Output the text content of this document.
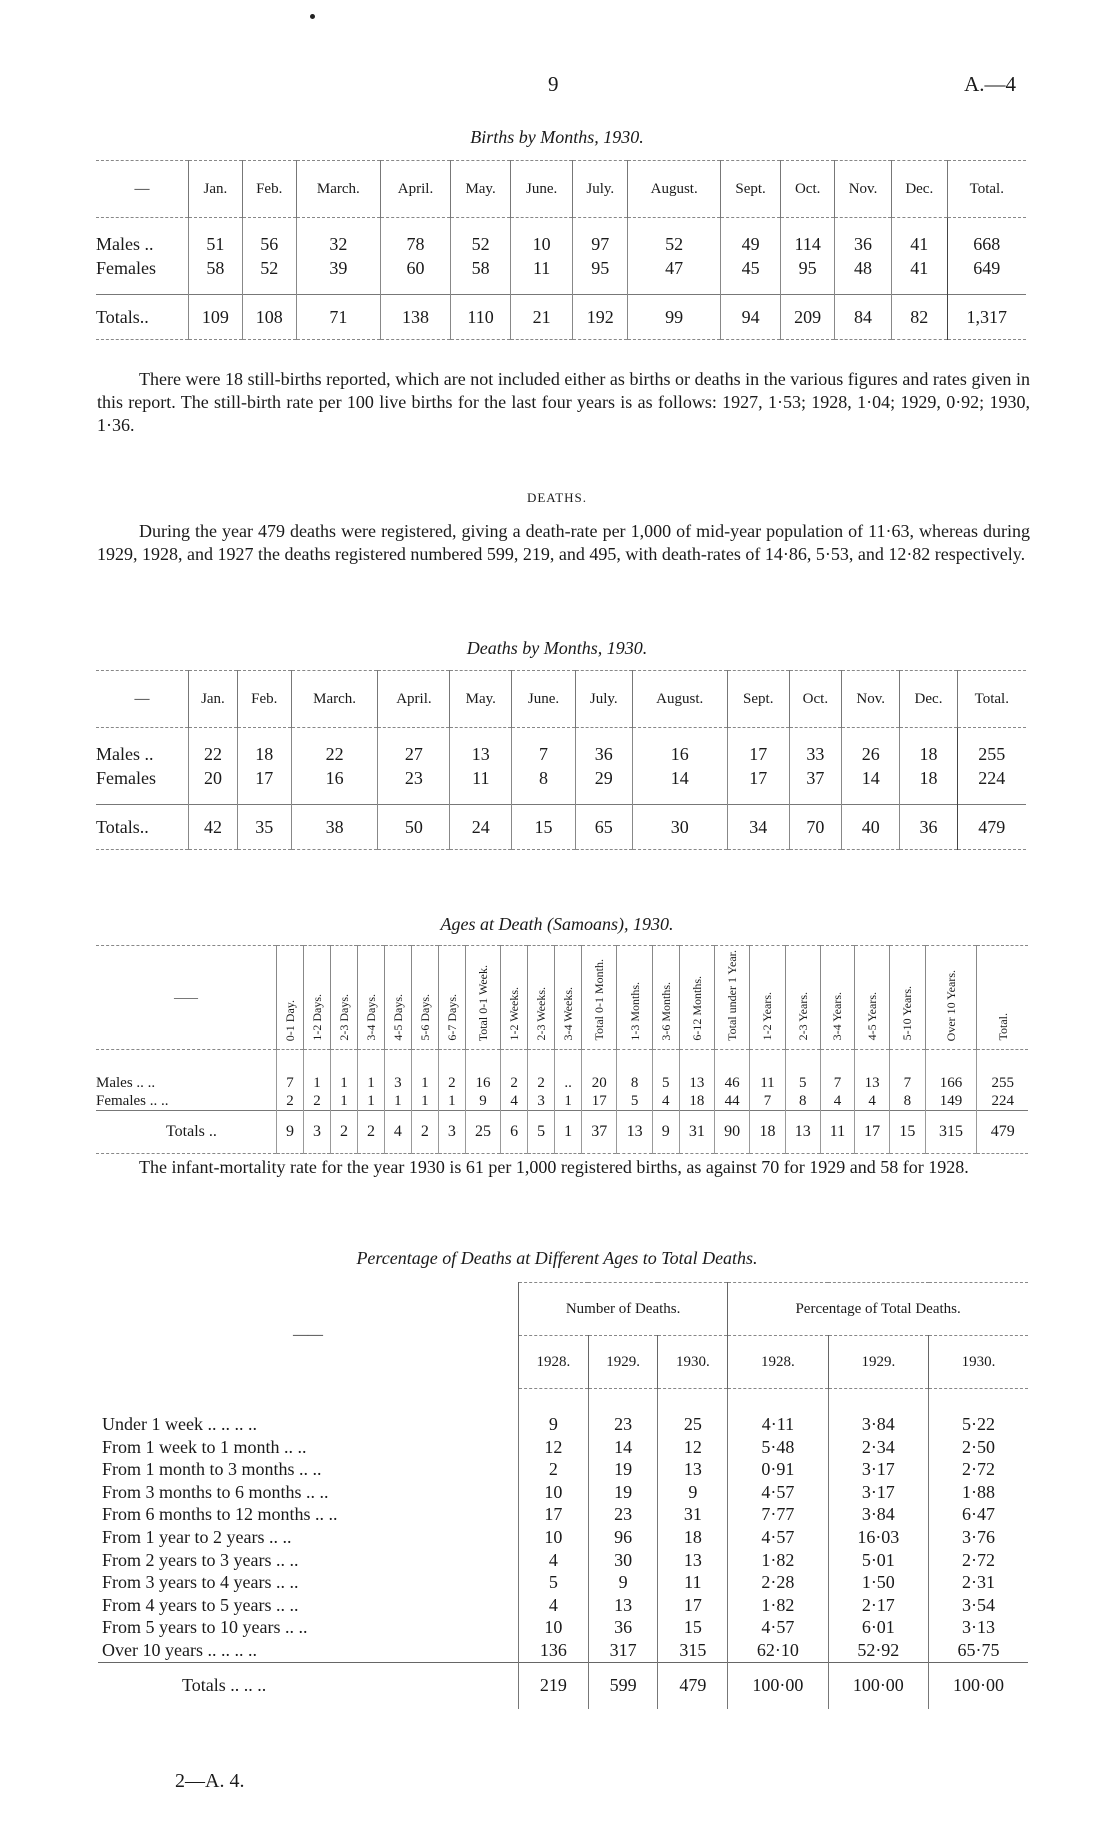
9	A.—4
Births by Months, 1930.
—	Jan.	Feb.	March.	April.	May.	June.	July.	August.	Sept.	Oct.	Nov.	Dec.	Total.

Males ..	51	56	32	78	52	10	97	52	49	114	36	41	668
Females	58	52	39	60	58	11	95	47	45	95	48	41	649

Totals..	109	108	71	138	110	21	192	99	94	209	84	82	1,317

There were 18 still-births reported, which are not included either as births or deaths in the various figures and rates given in this report. The still-birth rate per 100 live births for the last four years is as follows: 1927, 1·53; 1928, 1·04; 1929, 0·92; 1930, 1·36.

DEATHS.

During the year 479 deaths were registered, giving a death-rate per 1,000 of mid-year population of 11·63, whereas during 1929, 1928, and 1927 the deaths registered numbered 599, 219, and 495, with death-rates of 14·86, 5·53, and 12·82 respectively.

Deaths by Months, 1930.
—	Jan.	Feb.	March.	April.	May.	June.	July.	August.	Sept.	Oct.	Nov.	Dec.	Total.

Males ..	22	18	22	27	13	7	36	16	17	33	26	18	255
Females	20	17	16	23	11	8	29	14	17	37	14	18	224

Totals..	42	35	38	50	24	15	65	30	34	70	40	36	479
Ages at Death (Samoans), 1930.
——	0-1 Day.	1-2 Days.	2-3 Days.	3-4 Days.	4-5 Days.	5-6 Days.	6-7 Days.	Total 0-1 Week.	1-2 Weeks.	2-3 Weeks.	3-4 Weeks.	Total 0-1 Month.	1-3 Months.	3-6 Months.	6-12 Months.	Total under 1 Year.	1-2 Years.	2-3 Years.	3-4 Years.	4-5 Years.	5-10 Years.	Over 10 Years.	Total.

Males .. ..	7	1	1	1	3	1	2	16	2	2	..	20	8	5	13	46	11	5	7	13	7	166	255
Females .. ..	2	2	1	1	1	1	1	9	4	3	1	17	5	4	18	44	7	8	4	4	8	149	224
Totals ..	9	3	2	2	4	2	3	25	6	5	1	37	13	9	31	90	18	13	11	17	15	315	479

The infant-mortality rate for the year 1930 is 61 per 1,000 registered births, as against 70 for 1929 and 58 for 1928.

Percentage of Deaths at Different Ages to Total Deaths.
——	Number of Deaths.			Percentage of Total Deaths.		
	1928.	1929.	1930.	1928.	1929.	1930.

Under 1 week .. .. .. ..	9	23	25	4·11	3·84	5·22
From 1 week to 1 month .. ..	12	14	12	5·48	2·34	2·50
From 1 month to 3 months .. ..	2	19	13	0·91	3·17	2·72
From 3 months to 6 months .. ..	10	19	9	4·57	3·17	1·88
From 6 months to 12 months .. ..	17	23	31	7·77	3·84	6·47
From 1 year to 2 years .. ..	10	96	18	4·57	16·03	3·76
From 2 years to 3 years .. ..	4	30	13	1·82	5·01	2·72
From 3 years to 4 years .. ..	5	9	11	2·28	1·50	2·31
From 4 years to 5 years .. ..	4	13	17	1·82	2·17	3·54
From 5 years to 10 years .. ..	10	36	15	4·57	6·01	3·13
Over 10 years .. .. .. ..	136	317	315	62·10	52·92	65·75
Totals .. .. ..	219	599	479	100·00	100·00	100·00
2—A. 4.
